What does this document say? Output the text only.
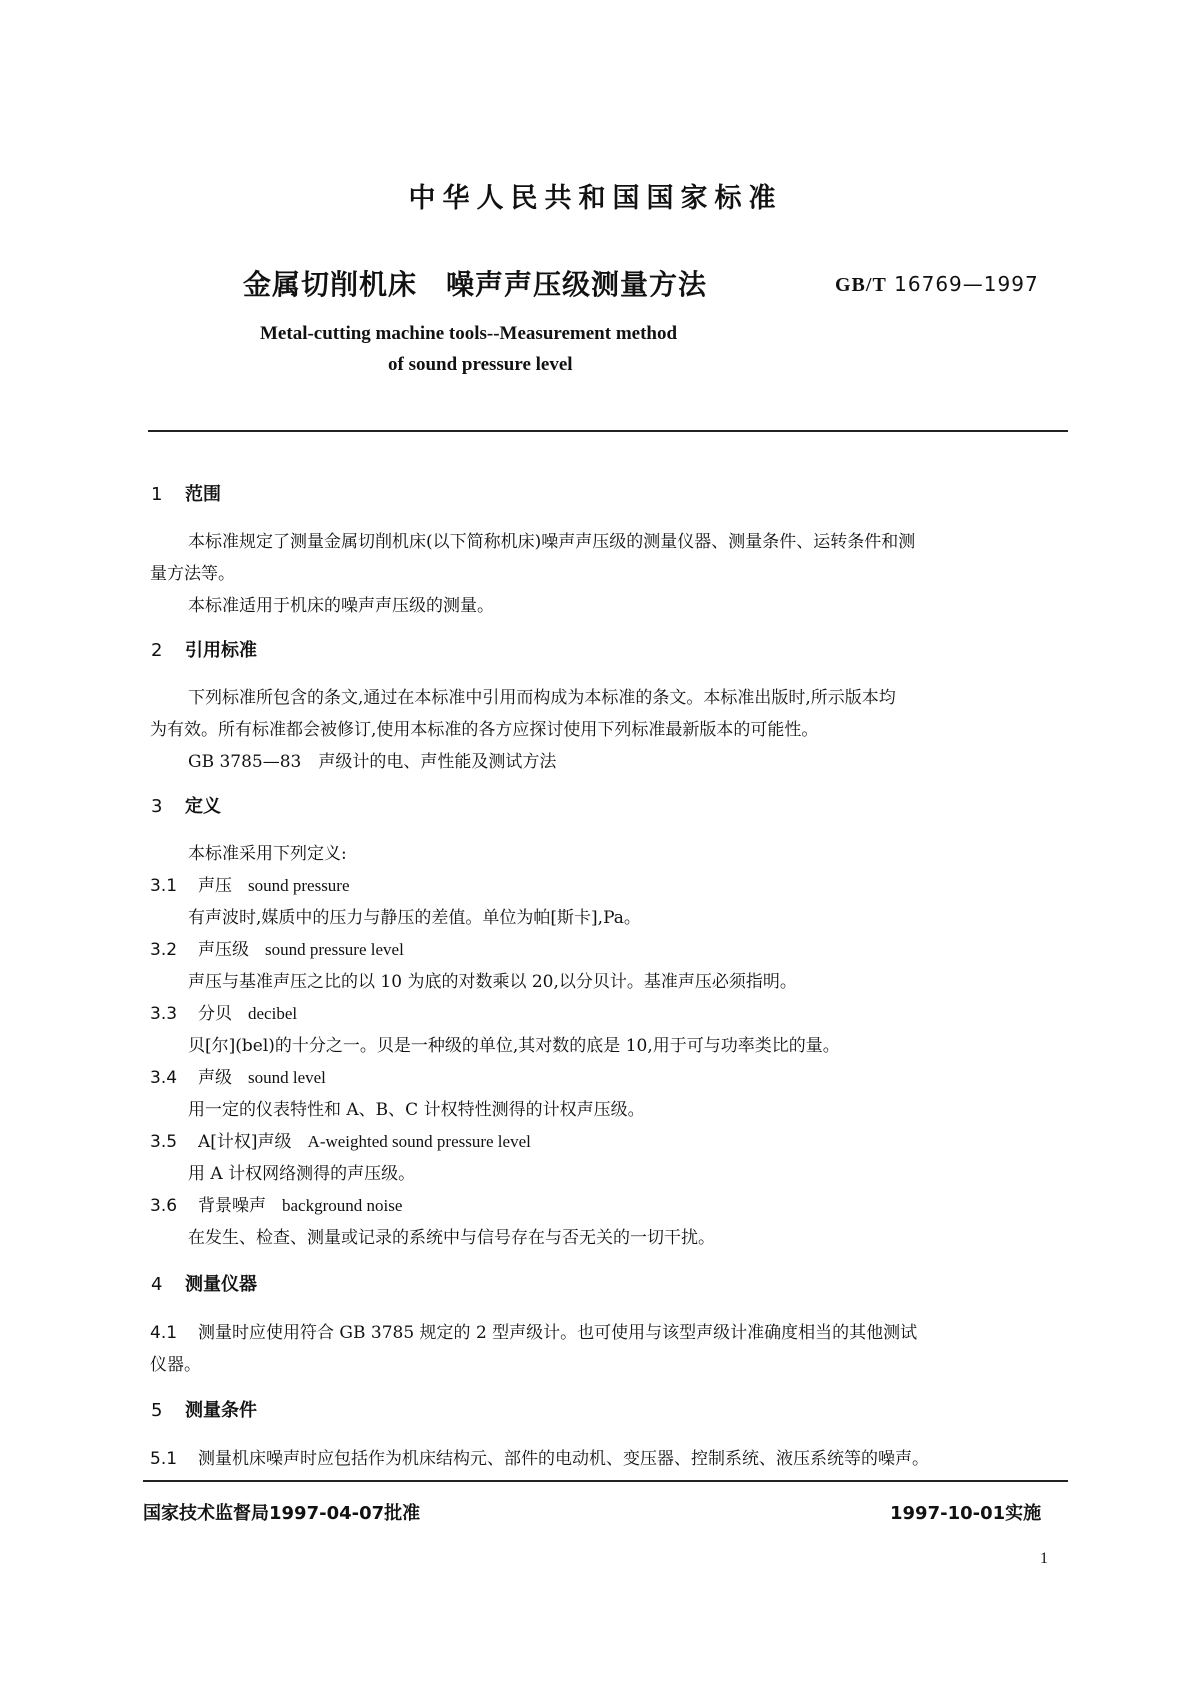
中华人民共和国国家标准
金属切削机床　噪声声压级测量方法	GB/T 16769—1997
Metal-cutting machine tools--Measurement method
of sound pressure level
1 范围
本标准规定了测量金属切削机床(以下简称机床)噪声声压级的测量仪器、测量条件、运转条件和测
量方法等。
本标准适用于机床的噪声声压级的测量。
2 引用标准
下列标准所包含的条文,通过在本标准中引用而构成为本标准的条文。本标准出版时,所示版本均
为有效。所有标准都会被修订,使用本标准的各方应探讨使用下列标准最新版本的可能性。
GB 3785—83　声级计的电、声性能及测试方法
3 定义
本标准采用下列定义:
3.1 声压 sound pressure
有声波时,媒质中的压力与静压的差值。单位为帕[斯卡],Pa。
3.2 声压级 sound pressure level
声压与基准声压之比的以 10 为底的对数乘以 20,以分贝计。基准声压必须指明。
3.3 分贝 decibel
贝[尔](bel)的十分之一。贝是一种级的单位,其对数的底是 10,用于可与功率类比的量。
3.4 声级 sound level
用一定的仪表特性和 A、B、C 计权特性测得的计权声压级。
3.5 A[计权]声级 A-weighted sound pressure level
用 A 计权网络测得的声压级。
3.6 背景噪声 background noise
在发生、检查、测量或记录的系统中与信号存在与否无关的一切干扰。
4 测量仪器
4.1 测量时应使用符合 GB 3785 规定的 2 型声级计。也可使用与该型声级计准确度相当的其他测试
仪器。
5 测量条件
5.1 测量机床噪声时应包括作为机床结构元、部件的电动机、变压器、控制系统、液压系统等的噪声。
国家技术监督局1997-04-07批准	1997-10-01实施
1
